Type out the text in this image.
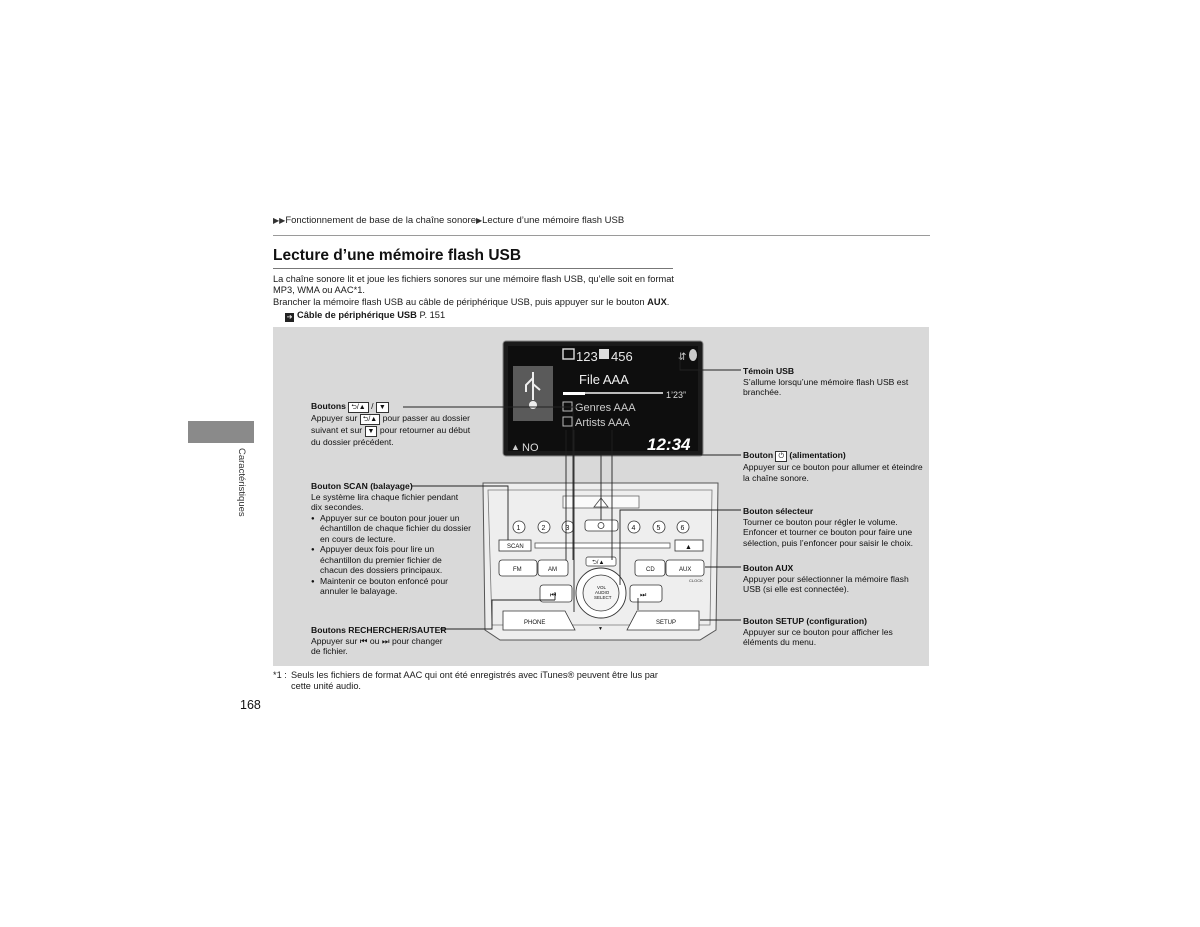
▶▶Fonctionnement de base de la chaîne sonore▶Lecture d’une mémoire flash USB
Lecture d’une mémoire flash USB

La chaîne sonore lit et joue les fichiers sonores sur une mémoire flash USB, qu’elle soit en format MP3, WMA ou AAC*1.

Brancher la mémoire flash USB au câble de périphérique USB, puis appuyer sur le bouton AUX.

➔ Câble de périphérique USB P. 151
Caractéristiques
123 456	⇵
File AAA
1’23”
Genres AAA
Artists AAA
▲ NO	12:34
1	2	3	4	5	6
SCAN	▲
⮌/▲
FM	AM	CD	AUX
CLOCK
⏮	⏭
VOL
AUDIO
SELECT
▼
PHONE	SETUP
Témoin USB
S’allume lorsqu’une mémoire flash USB est branchée.
Bouton ⏻ (alimentation)
Appuyer sur ce bouton pour allumer et éteindre la chaîne sonore.
Bouton sélecteur
Tourner ce bouton pour régler le volume. Enfoncer et tourner ce bouton pour faire une sélection, puis l’enfoncer pour saisir le choix.
Bouton AUX
Appuyer pour sélectionner la mémoire flash USB (si elle est connectée).
Bouton SETUP (configuration)
Appuyer sur ce bouton pour afficher les éléments du menu.
Boutons ⮌/▲ / ▼
Appuyer sur ⮌/▲ pour passer au dossier suivant et sur ▼ pour retourner au début du dossier précédent.
Bouton SCAN (balayage)
Le système lira chaque fichier pendant dix secondes.
● Appuyer sur ce bouton pour jouer un échantillon de chaque fichier du dossier en cours de lecture.
● Appuyer deux fois pour lire un échantillon du premier fichier de chacun des dossiers principaux.
● Maintenir ce bouton enfoncé pour annuler le balayage.
Boutons RECHERCHER/SAUTER
Appuyer sur ⏮ ou ⏭ pour changer de fichier.
*1 : Seuls les fichiers de format AAC qui ont été enregistrés avec iTunes® peuvent être lus par
cette unité audio.
168
